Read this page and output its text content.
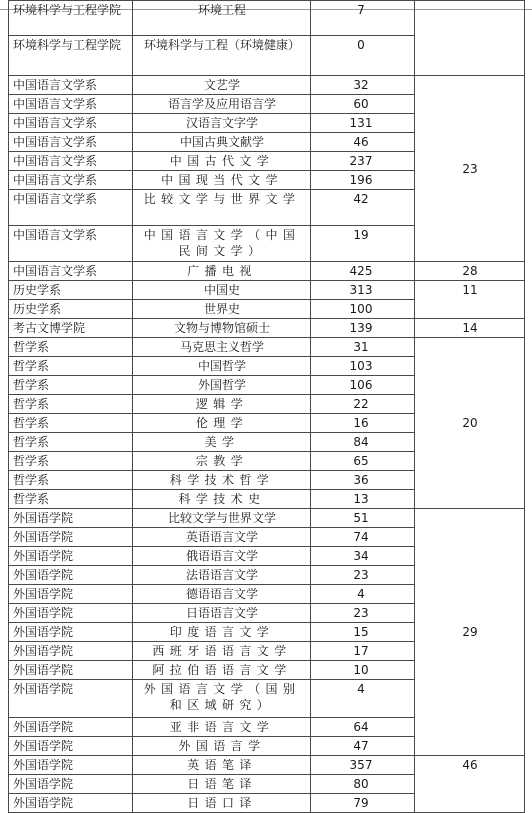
环境科学与工程学院	环境工程	7	
环境科学与工程学院	环境科学与工程（环境健康）	0	
中国语言文学系	文艺学	32	23
中国语言文学系	语言学及应用语言学	60	
中国语言文学系	汉语言文字学	131	
中国语言文学系	中国古典文献学	46	
中国语言文学系	中国古代文学	237	
中国语言文学系	中国现当代文学	196	
中国语言文学系	比较文学与世界文学	42	
中国语言文学系	中国语言文学（中国民间文学）	19	
中国语言文学系	广播电视	425	28
历史学系	中国史	313	11
历史学系	世界史	100	
考古文博学院	文物与博物馆硕士	139	14
哲学系	马克思主义哲学	31	20
哲学系	中国哲学	103	
哲学系	外国哲学	106	
哲学系	逻辑学	22	
哲学系	伦理学	16	
哲学系	美学	84	
哲学系	宗教学	65	
哲学系	科学技术哲学	36	
哲学系	科学技术史	13	
外国语学院	比较文学与世界文学	51	29
外国语学院	英语语言文学	74	
外国语学院	俄语语言文学	34	
外国语学院	法语语言文学	23	
外国语学院	德语语言文学	4	
外国语学院	日语语言文学	23	
外国语学院	印度语言文学	15	
外国语学院	西班牙语语言文学	17	
外国语学院	阿拉伯语语言文学	10	
外国语学院	外国语言文学（国别和区域研究）	4	
外国语学院	亚非语言文学	64	
外国语学院	外国语言学	47	
外国语学院	英语笔译	357	46
外国语学院	日语笔译	80	
外国语学院	日语口译	79	
